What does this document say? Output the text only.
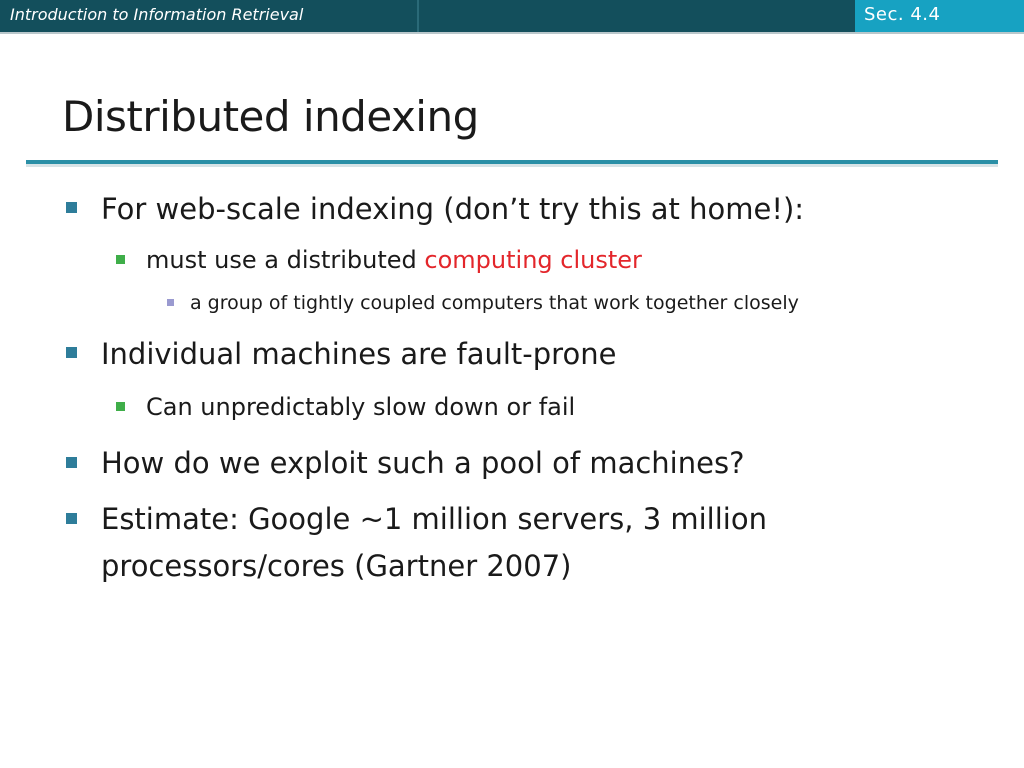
Introduction to Information Retrieval	Sec. 4.4
Distributed indexing
For web-scale indexing (don’t try this at home!):
must use a distributed computing cluster
a group of tightly coupled computers that work together closely
Individual machines are fault-prone
Can unpredictably slow down or fail
How do we exploit such a pool of machines?
Estimate: Google ~1 million servers, 3 million
processors/cores (Gartner 2007)
